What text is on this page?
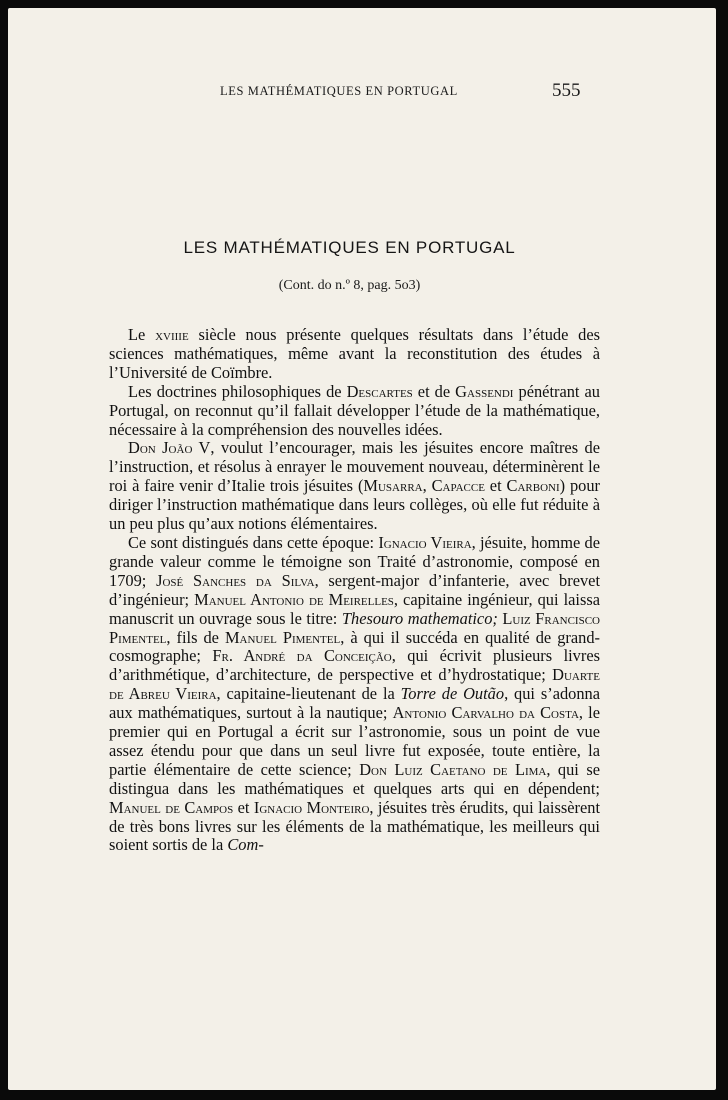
LES MATHÉMATIQUES EN PORTUGAL	555
LES MATHÉMATIQUES EN PORTUGAL
(Cont. do n.º 8, pag. 5o3)

Le xviiie siècle nous présente quelques résultats dans l’étude des sciences mathématiques, même avant la reconstitution des études à l’Université de Coïmbre.

Les doctrines philosophiques de Descartes et de Gassendi pénétrant au Portugal, on reconnut qu’il fallait développer l’étude de la mathématique, nécessaire à la compréhension des nouvelles idées.

Don João V, voulut l’encourager, mais les jésuites encore maîtres de l’instruction, et résolus à enrayer le mouvement nouveau, déterminèrent le roi à faire venir d’Italie trois jésuites (Musarra, Capacce et Carboni) pour diriger l’instruction mathématique dans leurs collèges, où elle fut réduite à un peu plus qu’aux notions élémentaires.

Ce sont distingués dans cette époque: Ignacio Vieira, jésuite, homme de grande valeur comme le témoigne son Traité d’astronomie, composé en 1709; José Sanches da Silva, sergent-major d’infanterie, avec brevet d’ingénieur; Manuel Antonio de Meirelles, capitaine ingénieur, qui laissa manuscrit un ouvrage sous le titre: Thesouro mathematico; Luiz Francisco Pimentel, fils de Manuel Pimentel, à qui il succéda en qualité de grand-cosmographe; Fr. André da Conceição, qui écrivit plusieurs livres d’arithmétique, d’architecture, de perspective et d’hydrostatique; Duarte de Abreu Vieira, capitaine-lieutenant de la Torre de Outão, qui s’adonna aux mathématiques, surtout à la nautique; Antonio Carvalho da Costa, le premier qui en Portugal a écrit sur l’astronomie, sous un point de vue assez étendu pour que dans un seul livre fut exposée, toute entière, la partie élémentaire de cette science; Don Luiz Caetano de Lima, qui se distingua dans les mathématiques et quelques arts qui en dépendent; Manuel de Campos et Ignacio Monteiro, jésuites très érudits, qui laissèrent de très bons livres sur les éléments de la mathématique, les meilleurs qui soient sortis de la Com-
